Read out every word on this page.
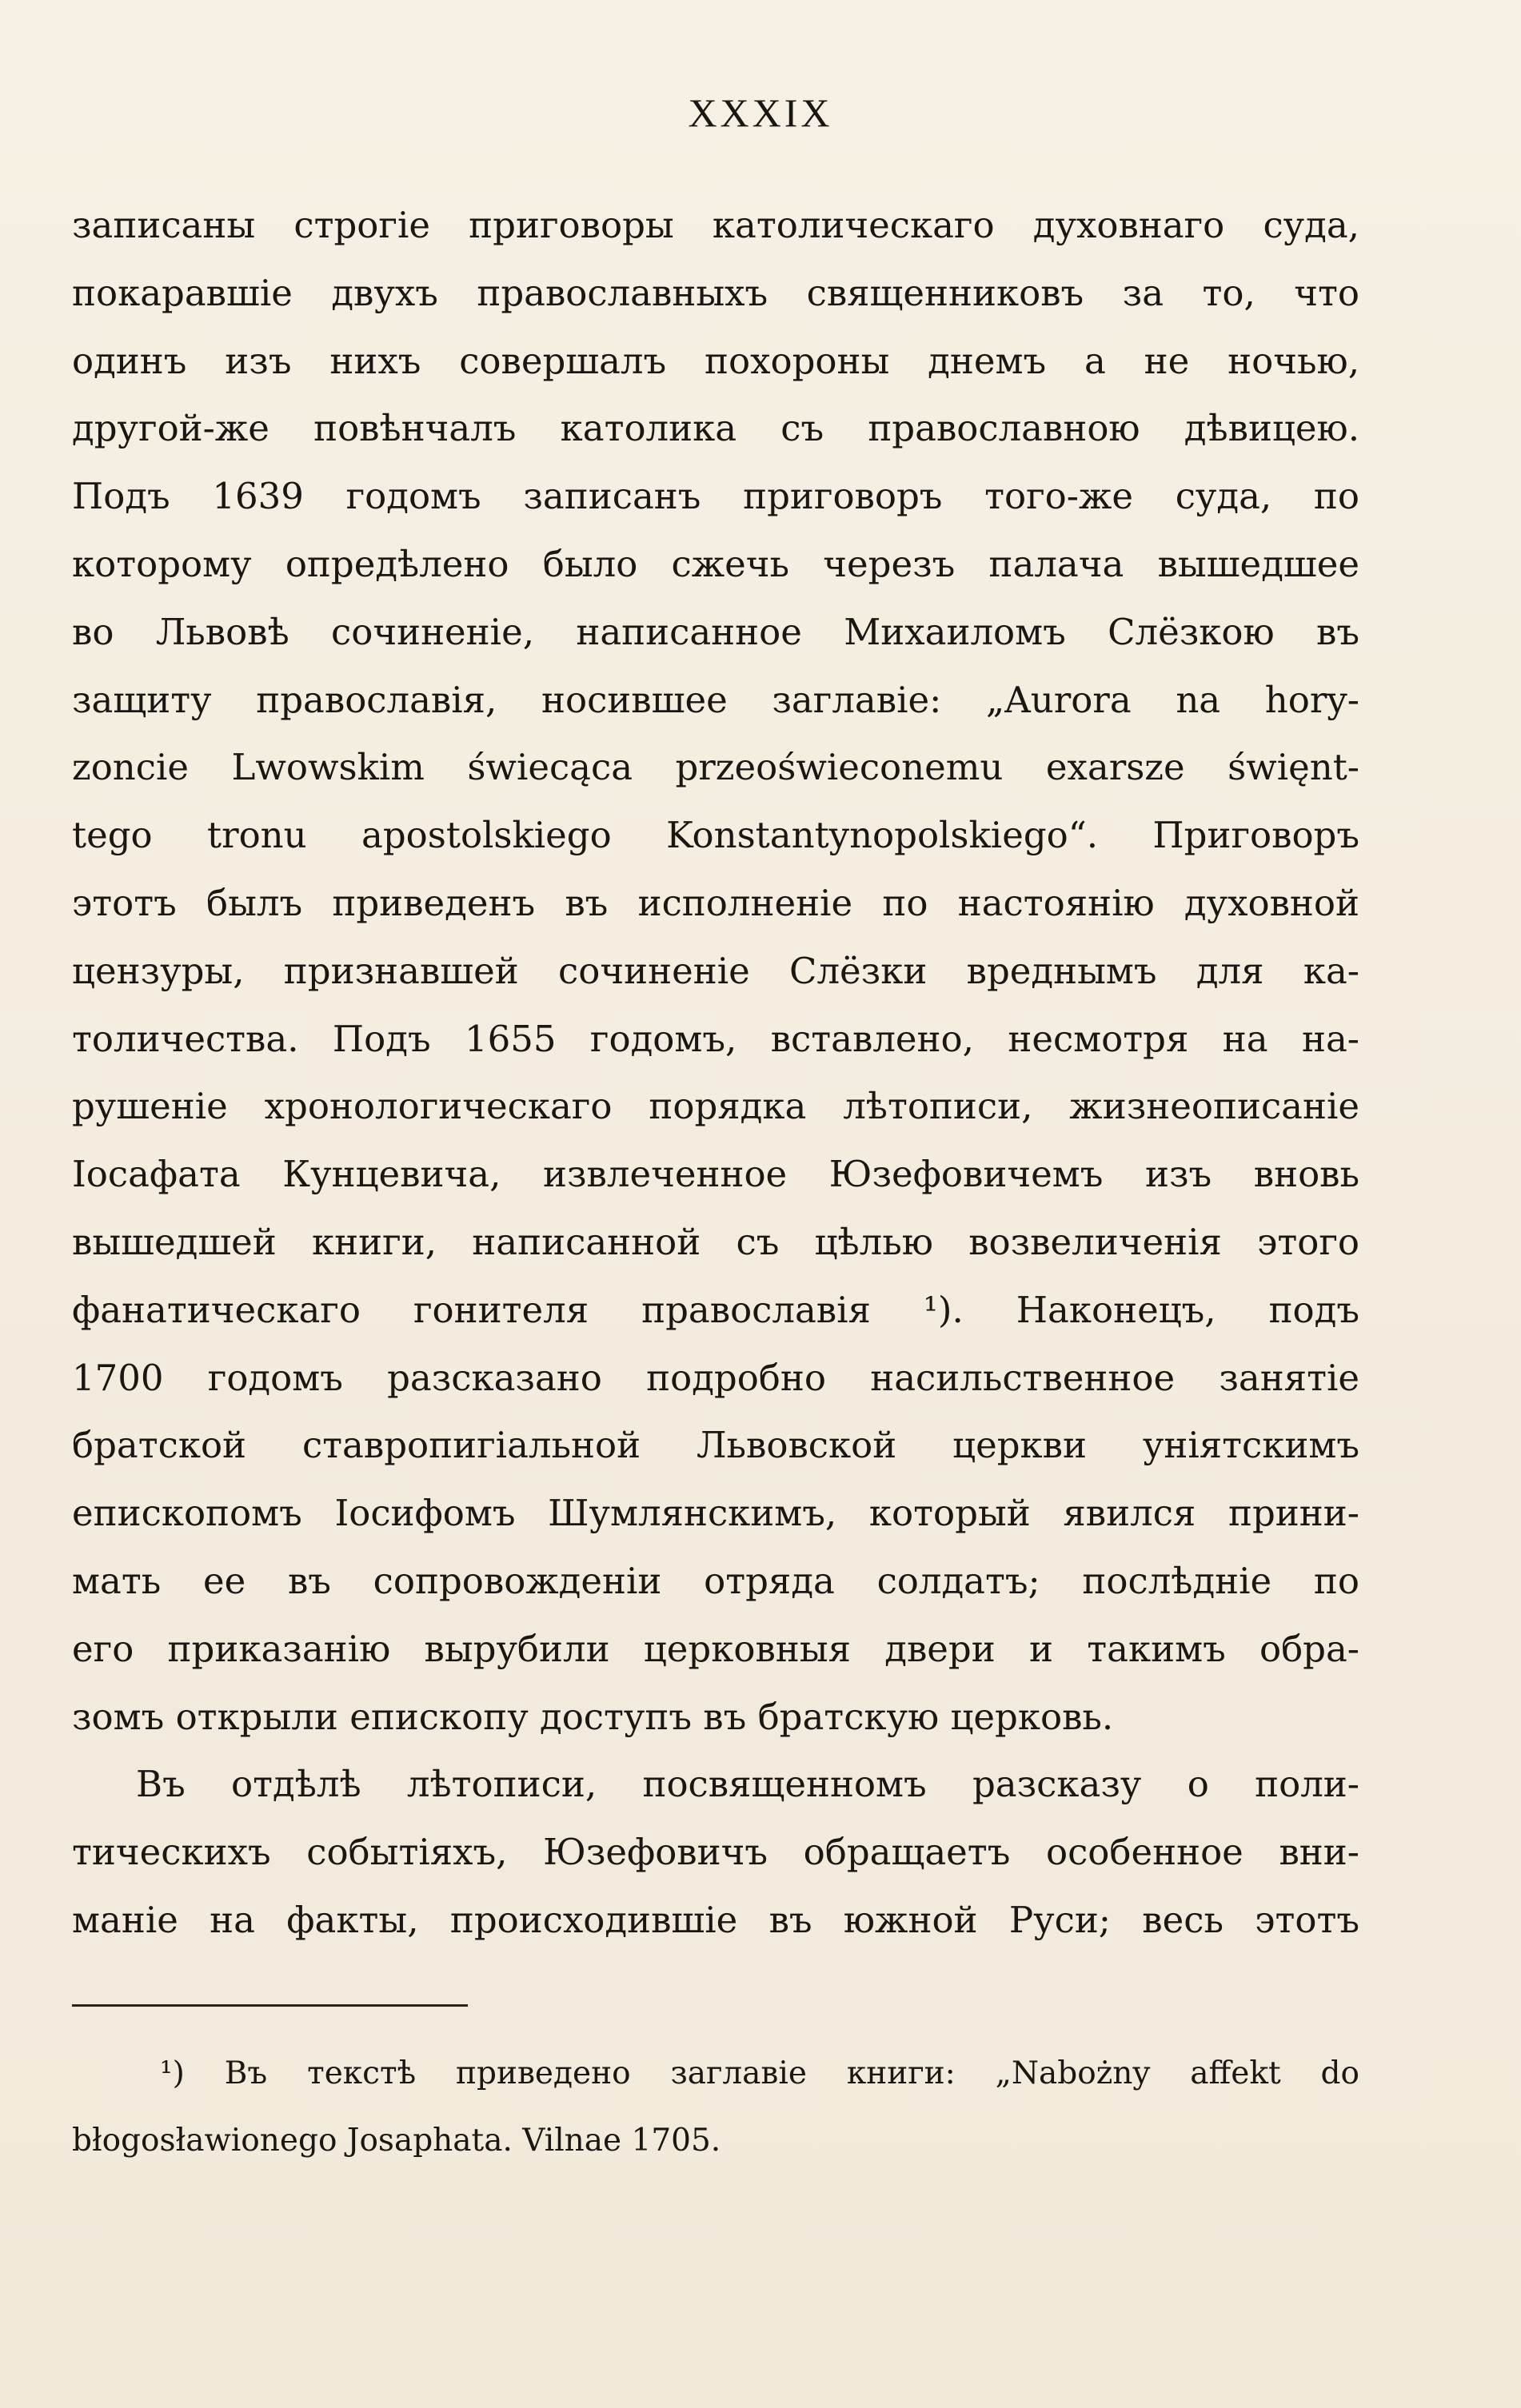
XXXIX
записаны строгіе приговоры католическаго духовнаго суда,
покаравшіе двухъ православныхъ священниковъ за то, что
одинъ изъ нихъ совершалъ похороны днемъ а не ночью,
другой-же повѣнчалъ католика съ православною дѣвицею.
Подъ 1639 годомъ записанъ приговоръ того-же суда, по
которому опредѣлено было сжечь черезъ палача вышедшее
во Львовѣ сочиненіе, написанное Михаиломъ Слёзкою въ
защиту православія, носившее заглавіе: „Aurora na hory-
zoncie Lwowskim świecąca przeoświeconemu exarsze święnt-
tego tronu apostolskiego Konstantynopolskiego“. Приговоръ
этотъ былъ приведенъ въ исполненіе по настоянію духовной
цензуры, признавшей сочиненіе Слёзки вреднымъ для ка-
толичества. Подъ 1655 годомъ, вставлено, несмотря на на-
рушеніе хронологическаго порядка лѣтописи, жизнеописаніе
Іосафата Кунцевича, извлеченное Юзефовичемъ изъ вновь
вышедшей книги, написанной съ цѣлью возвеличенія этого
фанатическаго гонителя православія ¹). Наконецъ, подъ
1700 годомъ разсказано подробно насильственное занятіе
братской ставропигіальной Львовской церкви уніятскимъ
епископомъ Іосифомъ Шумлянскимъ, который явился прини-
мать ее въ сопровожденіи отряда солдатъ; послѣдніе по
его приказанію вырубили церковныя двери и такимъ обра-
зомъ открыли епископу доступъ въ братскую церковь.
Въ отдѣлѣ лѣтописи, посвященномъ разсказу о поли-
тическихъ событіяхъ, Юзефовичъ обращаетъ особенное вни-
маніе на факты, происходившіе въ южной Руси; весь этотъ
¹) Въ текстѣ приведено заглавіе книги: „Nabożny affekt do
błogosławionego Josaphata. Vilnae 1705.
